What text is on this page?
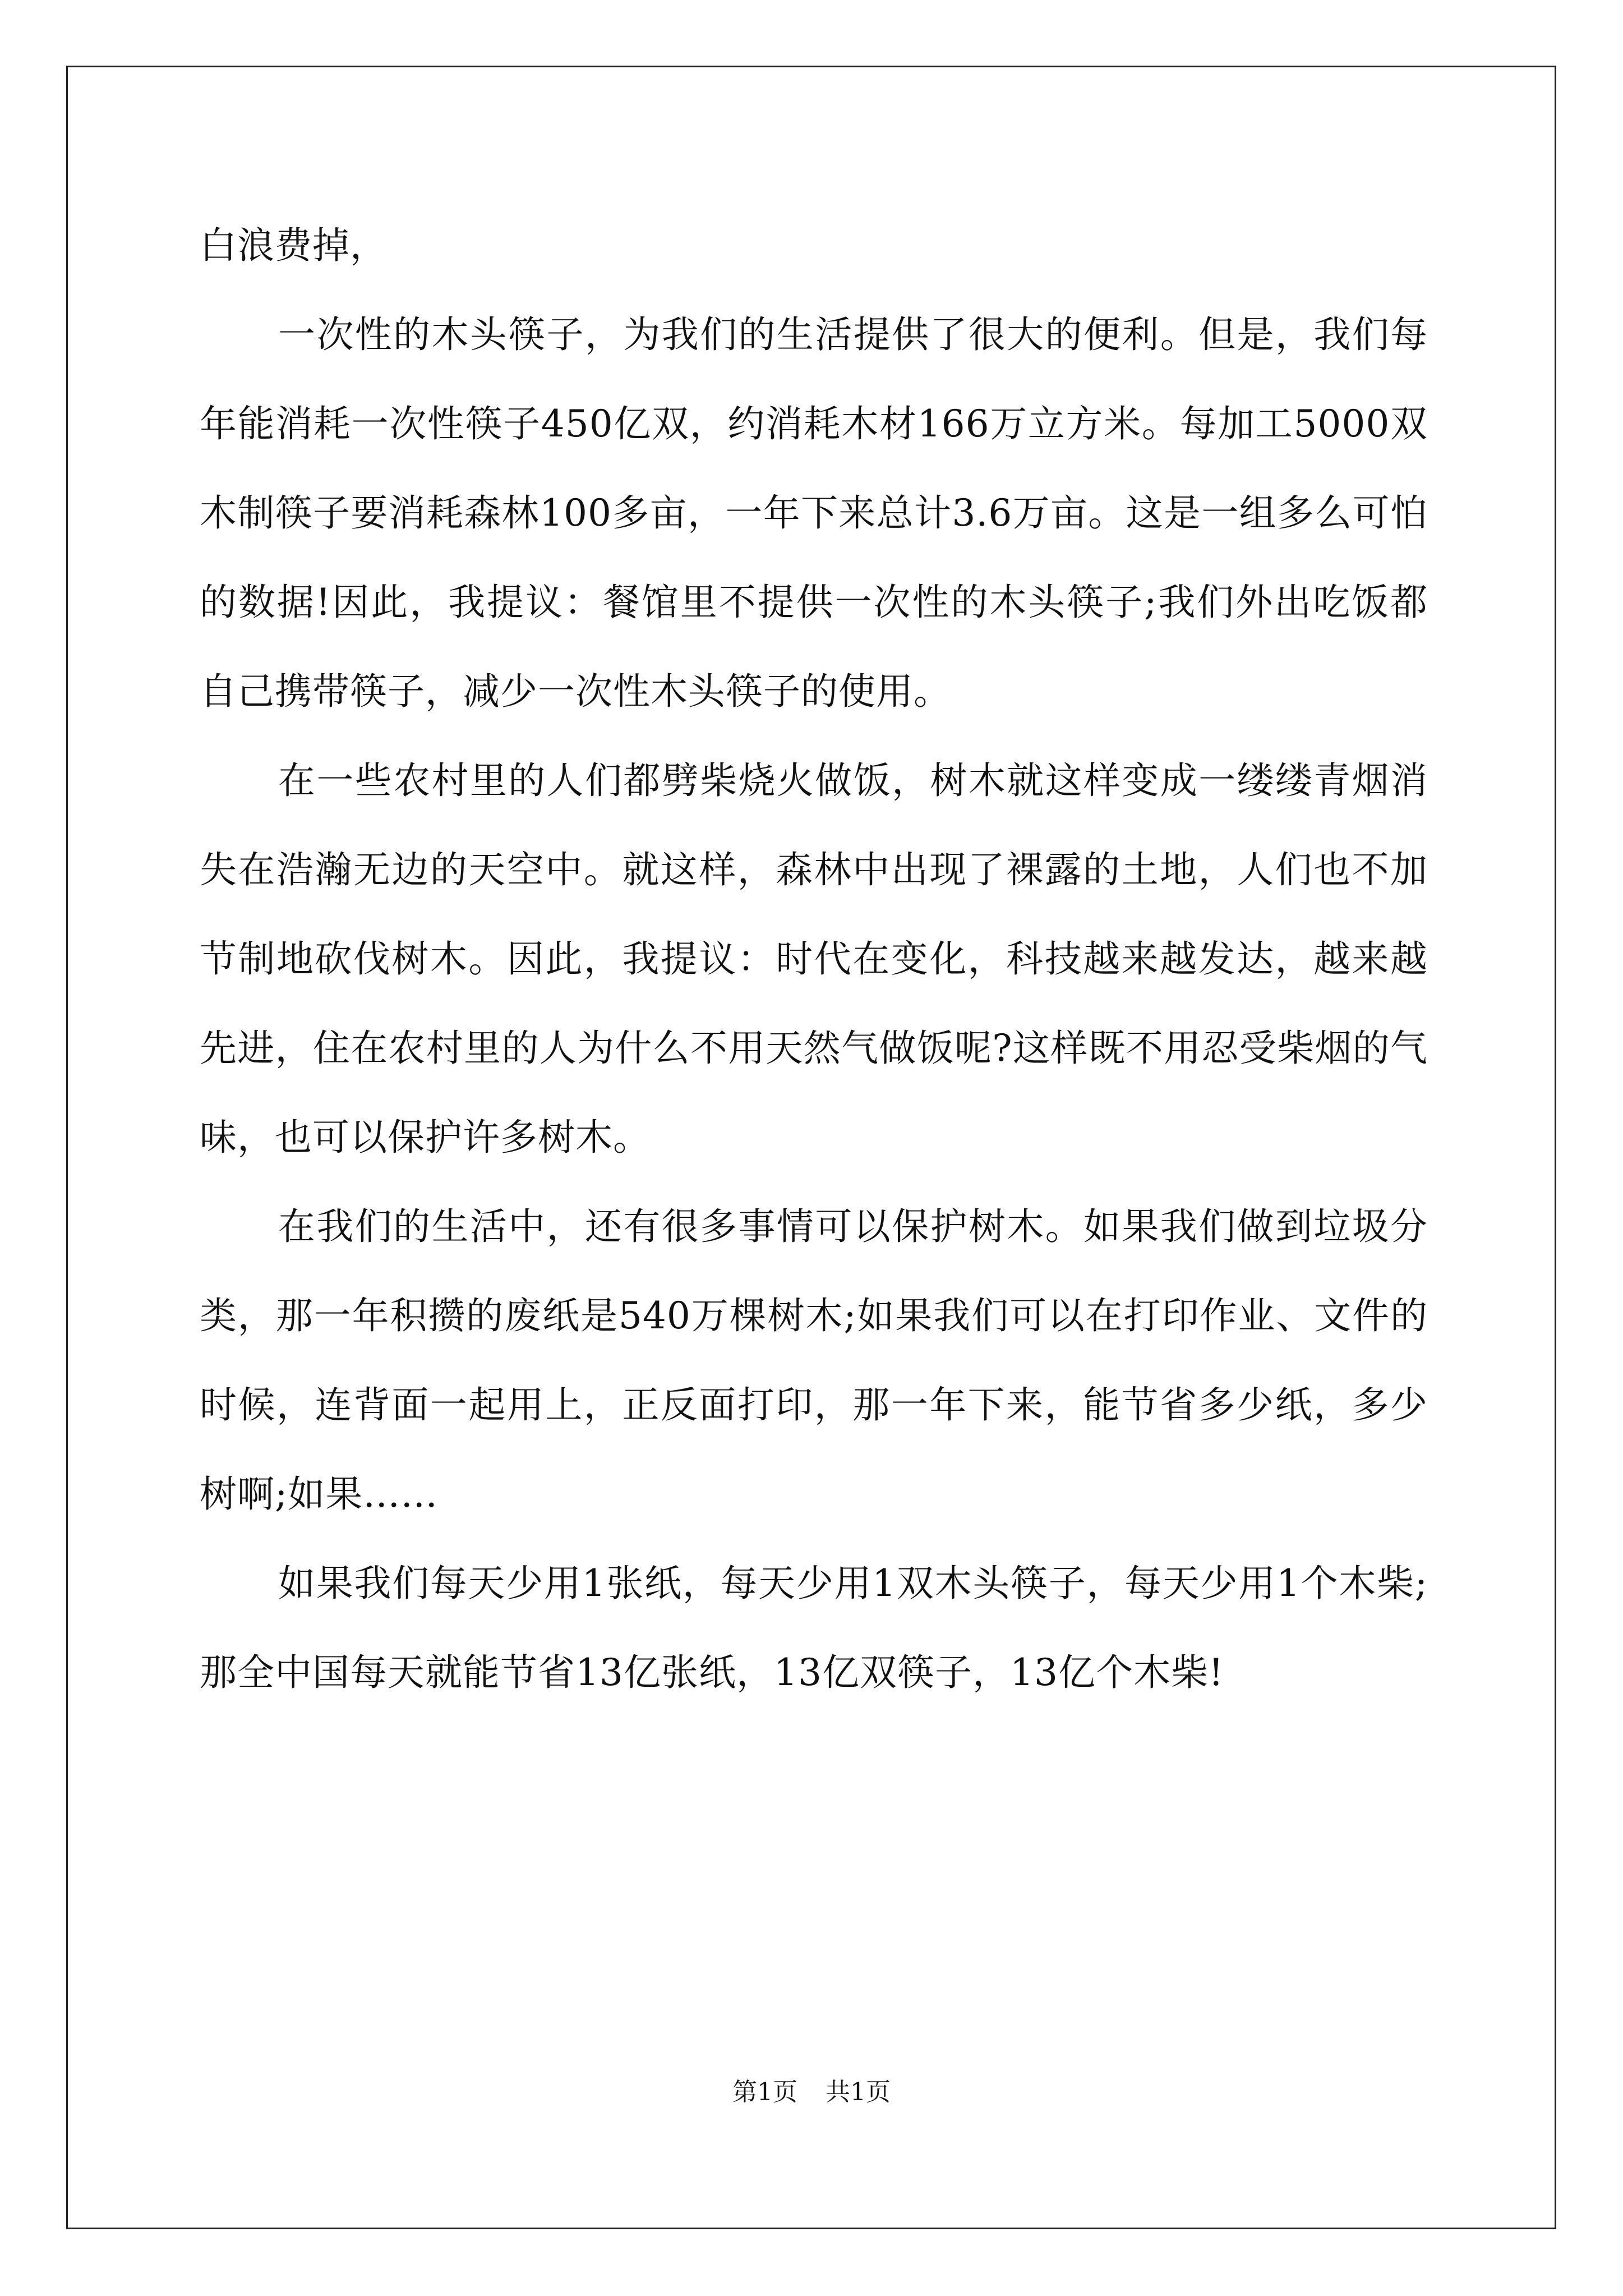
白浪费掉，

一次性的木头筷子，为我们的生活提供了很大的便利。但是，我们每年能消耗一次性筷子450亿双，约消耗木材166万立方米。每加工5000双木制筷子要消耗森林100多亩，一年下来总计3.6万亩。这是一组多么可怕的数据!因此，我提议：餐馆里不提供一次性的木头筷子;我们外出吃饭都自己携带筷子，减少一次性木头筷子的使用。

在一些农村里的人们都劈柴烧火做饭，树木就这样变成一缕缕青烟消失在浩瀚无边的天空中。就这样，森林中出现了裸露的土地，人们也不加节制地砍伐树木。因此，我提议：时代在变化，科技越来越发达，越来越先进，住在农村里的人为什么不用天然气做饭呢?这样既不用忍受柴烟的气味，也可以保护许多树木。

在我们的生活中，还有很多事情可以保护树木。如果我们做到垃圾分类，那一年积攒的废纸是540万棵树木;如果我们可以在打印作业、文件的时候，连背面一起用上，正反面打印，那一年下来，能节省多少纸，多少树啊;如果……

如果我们每天少用1张纸，每天少用1双木头筷子，每天少用1个木柴;那全中国每天就能节省13亿张纸，13亿双筷子，13亿个木柴!

第1页 共1页
